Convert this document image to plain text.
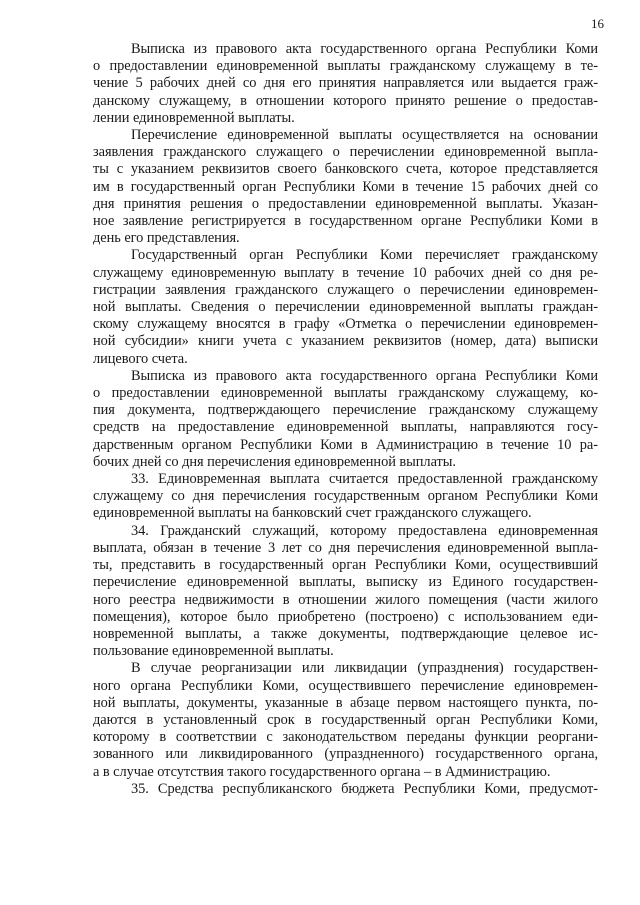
16
Выписка из правового акта государственного органа Республики Коми
о предоставлении единовременной выплаты гражданскому служащему в те-
чение 5 рабочих дней со дня его принятия направляется или выдается граж-
данскому служащему, в отношении которого принято решение о предостав-
лении единовременной выплаты.
Перечисление единовременной выплаты осуществляется на основании
заявления гражданского служащего о перечислении единовременной выпла-
ты с указанием реквизитов своего банковского счета, которое представляется
им в государственный орган Республики Коми в течение 15 рабочих дней со
дня принятия решения о предоставлении единовременной выплаты. Указан-
ное заявление регистрируется в государственном органе Республики Коми в
день его представления.
Государственный орган Республики Коми перечисляет гражданскому
служащему единовременную выплату в течение 10 рабочих дней со дня ре-
гистрации заявления гражданского служащего о перечислении единовремен-
ной выплаты. Сведения о перечислении единовременной выплаты граждан-
скому служащему вносятся в графу «Отметка о перечислении единовремен-
ной субсидии» книги учета с указанием реквизитов (номер, дата) выписки
лицевого счета.
Выписка из правового акта государственного органа Республики Коми
о предоставлении единовременной выплаты гражданскому служащему, ко-
пия документа, подтверждающего перечисление гражданскому служащему
средств на предоставление единовременной выплаты, направляются госу-
дарственным органом Республики Коми в Администрацию в течение 10 ра-
бочих дней со дня перечисления единовременной выплаты.
33. Единовременная выплата считается предоставленной гражданскому
служащему со дня перечисления государственным органом Республики Коми
единовременной выплаты на банковский счет гражданского служащего.
34. Гражданский служащий, которому предоставлена единовременная
выплата, обязан в течение 3 лет со дня перечисления единовременной выпла-
ты, представить в государственный орган Республики Коми, осуществивший
перечисление единовременной выплаты, выписку из Единого государствен-
ного реестра недвижимости в отношении жилого помещения (части жилого
помещения), которое было приобретено (построено) с использованием еди-
новременной выплаты, а также документы, подтверждающие целевое ис-
пользование единовременной выплаты.
В случае реорганизации или ликвидации (упразднения) государствен-
ного органа Республики Коми, осуществившего перечисление единовремен-
ной выплаты, документы, указанные в абзаце первом настоящего пункта, по-
даются в установленный срок в государственный орган Республики Коми,
которому в соответствии с законодательством переданы функции реоргани-
зованного или ликвидированного (упраздненного) государственного органа,
а в случае отсутствия такого государственного органа – в Администрацию.
35. Средства республиканского бюджета Республики Коми, предусмот-
